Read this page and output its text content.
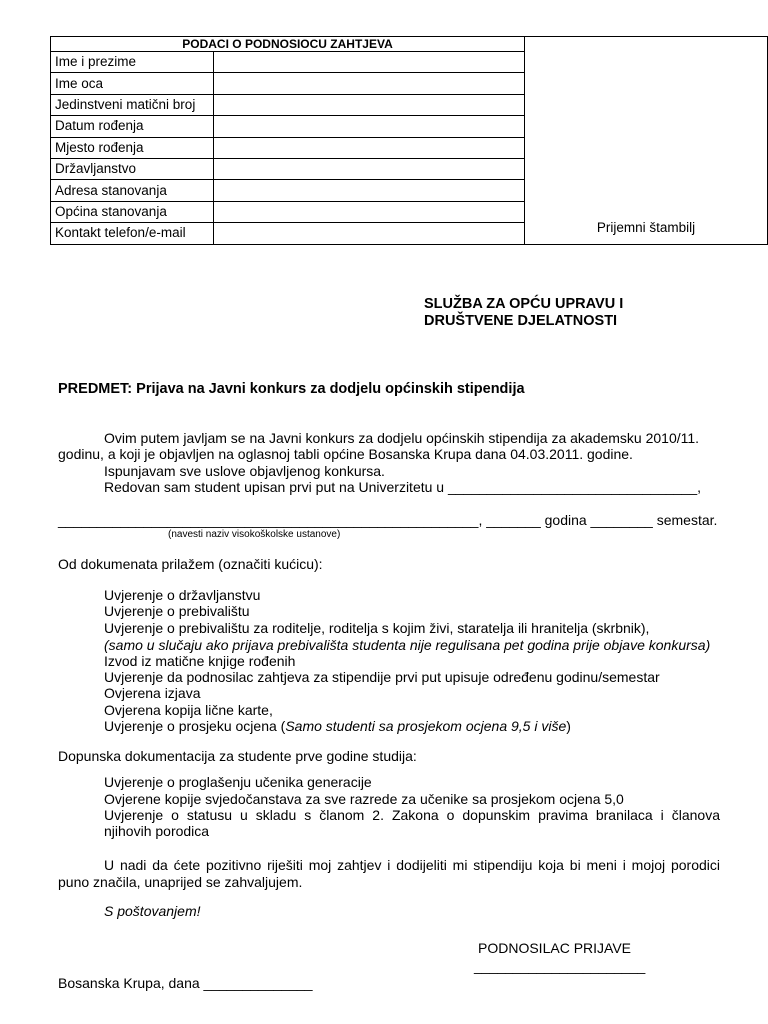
PODACI O PODNOSIOCU ZAHTJEVA		Prijemni štambilj
Ime i prezime		
Ime oca		
Jedinstveni matični broj		
Datum rođenja		
Mjesto rođenja		
Državljanstvo		
Adresa stanovanja		
Općina stanovanja		
Kontakt telefon/e-mail		
SLUŽBA ZA OPĆU UPRAVU I
DRUŠTVENE DJELATNOSTI
PREDMET: Prijava na Javni konkurs za dodjelu općinskih stipendija
Ovim putem javljam se na Javni konkurs za dodjelu općinskih stipendija za akademsku 2010/11.
godinu, a koji je objavljen na oglasnoj tabli općine Bosanska Krupa dana 04.03.2011. godine.
Ispunjavam sve uslove objavljenog konkursa.
Redovan sam student upisan prvi put na Univerzitetu u ________________________________,
______________________________________________________, _______ godina ________ semestar.
(navesti naziv visokoškolske ustanove)
Od dokumenata prilažem (označiti kućicu):
Uvjerenje o državljanstvu
Uvjerenje o prebivalištu
Uvjerenje o prebivalištu za roditelje, roditelja s kojim živi, staratelja ili hranitelja (skrbnik),
(samo u slučaju ako prijava prebivališta studenta nije regulisana pet godina prije objave konkursa)
Izvod iz matične knjige rođenih
Uvjerenje da podnosilac zahtjeva za stipendije prvi put upisuje određenu godinu/semestar
Ovjerena izjava
Ovjerena kopija lične karte,
Uvjerenje o prosjeku ocjena (Samo studenti sa prosjekom ocjena 9,5 i više)
Dopunska dokumentacija za studente prve godine studija:
Uvjerenje o proglašenju učenika generacije
Ovjerene kopije svjedočanstava za sve razrede za učenike sa prosjekom ocjena 5,0
Uvjerenje o statusu u skladu s članom 2. Zakona o dopunskim pravima branilaca i članova
njihovih porodica
U nadi da ćete pozitivno riješiti moj zahtjev i dodijeliti mi stipendiju koja bi meni i mojoj porodici
puno značila, unaprijed se zahvaljujem.
S poštovanjem!
PODNOSILAC PRIJAVE
______________________
Bosanska Krupa, dana ______________
